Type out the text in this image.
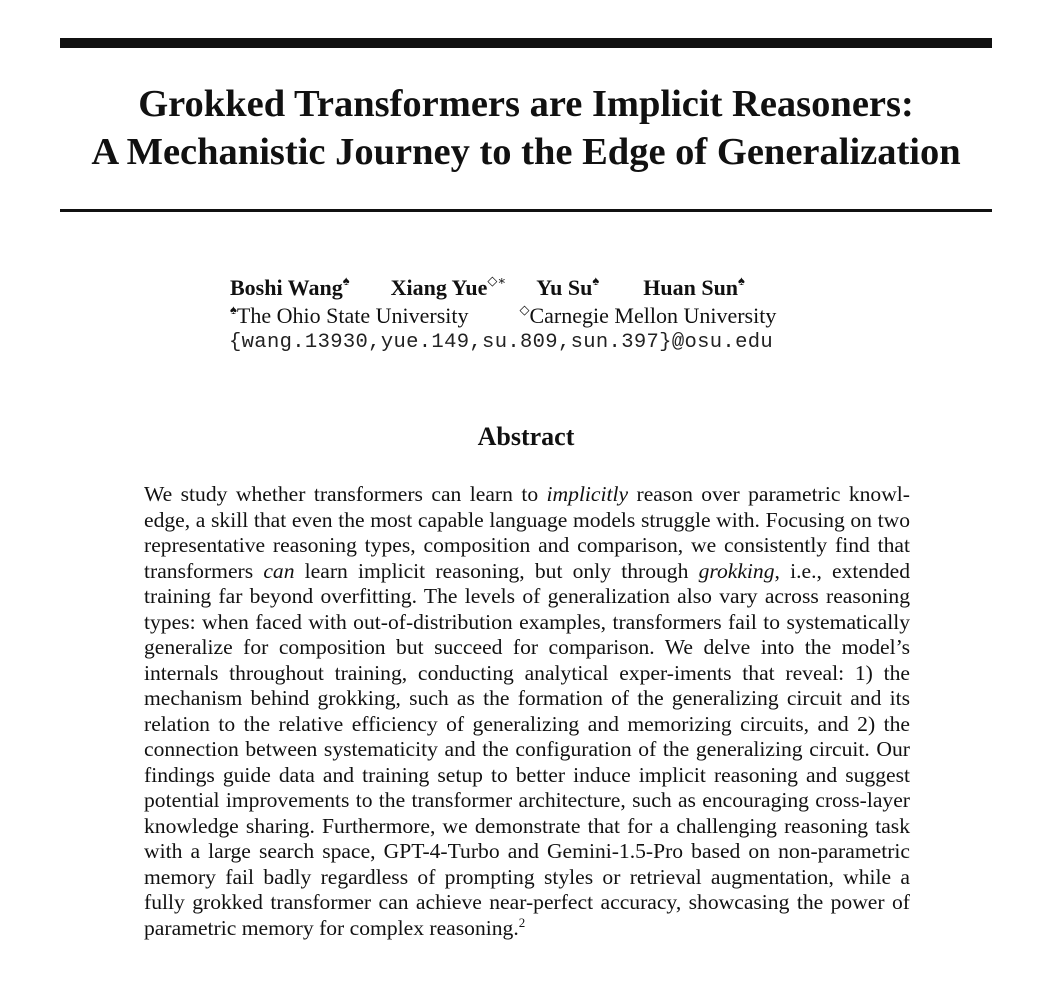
Grokked Transformers are Implicit Reasoners:
A Mechanistic Journey to the Edge of Generalization
Boshi Wang♠ Xiang Yue◇∗ Yu Su♠ Huan Sun♠
♠The Ohio State University	◇Carnegie Mellon University
{wang.13930,yue.149,su.809,sun.397}@osu.edu
Abstract

We study whether transformers can learn to implicitly reason over parametric knowl-edge, a skill that even the most capable language models struggle with. Focusing on two representative reasoning types, composition and comparison, we consistently find that transformers can learn implicit reasoning, but only through grokking, i.e., extended training far beyond overfitting. The levels of generalization also vary across reasoning types: when faced with out-of-distribution examples, transformers fail to systematically generalize for composition but succeed for comparison. We delve into the model’s internals throughout training, conducting analytical exper-iments that reveal: 1) the mechanism behind grokking, such as the formation of the generalizing circuit and its relation to the relative efficiency of generalizing and memorizing circuits, and 2) the connection between systematicity and the configuration of the generalizing circuit. Our findings guide data and training setup to better induce implicit reasoning and suggest potential improvements to the transformer architecture, such as encouraging cross-layer knowledge sharing. Furthermore, we demonstrate that for a challenging reasoning task with a large search space, GPT-4-Turbo and Gemini-1.5-Pro based on non-parametric memory fail badly regardless of prompting styles or retrieval augmentation, while a fully grokked transformer can achieve near-perfect accuracy, showcasing the power of parametric memory for complex reasoning.$^2$
